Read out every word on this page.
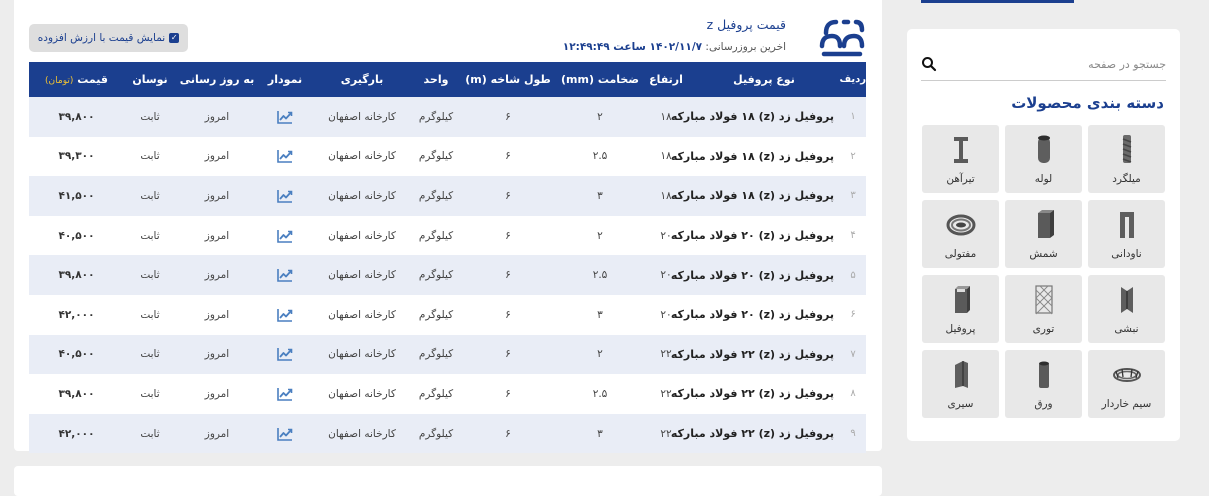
قیمت پروفیل z
اخرین بروزرسانی: ۱۴۰۲/۱۱/۷ ساعت ۱۲:۴۹:۴۹
✓
نمایش قیمت با ارزش افزوده
ردیف	نوع پروفیل	ارتفاع	ضخامت (mm)	طول شاخه (m)	واحد	بارگیری	نمودار	به روز رسانی	نوسان	قیمت (تومان)
۱	پروفیل زد (z) ۱۸ فولاد مبارکه	۱۸	۲	۶	کیلوگرم	کارخانه اصفهان		امروز	ثابت	۳۹,۸۰۰
۲	پروفیل زد (z) ۱۸ فولاد مبارکه	۱۸	۲.۵	۶	کیلوگرم	کارخانه اصفهان		امروز	ثابت	۳۹,۳۰۰
۳	پروفیل زد (z) ۱۸ فولاد مبارکه	۱۸	۳	۶	کیلوگرم	کارخانه اصفهان		امروز	ثابت	۴۱,۵۰۰
۴	پروفیل زد (z) ۲۰ فولاد مبارکه	۲۰	۲	۶	کیلوگرم	کارخانه اصفهان		امروز	ثابت	۴۰,۵۰۰
۵	پروفیل زد (z) ۲۰ فولاد مبارکه	۲۰	۲.۵	۶	کیلوگرم	کارخانه اصفهان		امروز	ثابت	۳۹,۸۰۰
۶	پروفیل زد (z) ۲۰ فولاد مبارکه	۲۰	۳	۶	کیلوگرم	کارخانه اصفهان		امروز	ثابت	۴۲,۰۰۰
۷	پروفیل زد (z) ۲۲ فولاد مبارکه	۲۲	۲	۶	کیلوگرم	کارخانه اصفهان		امروز	ثابت	۴۰,۵۰۰
۸	پروفیل زد (z) ۲۲ فولاد مبارکه	۲۲	۲.۵	۶	کیلوگرم	کارخانه اصفهان		امروز	ثابت	۳۹,۸۰۰
۹	پروفیل زد (z) ۲۲ فولاد مبارکه	۲۲	۳	۶	کیلوگرم	کارخانه اصفهان		امروز	ثابت	۴۲,۰۰۰
جستجو در صفحه
دسته بندی محصولات
میلگرد
لوله
تیرآهن
ناودانی
شمش
مفتولی
نبشی
توری
پروفیل
سیم خاردار
ورق
سیری
